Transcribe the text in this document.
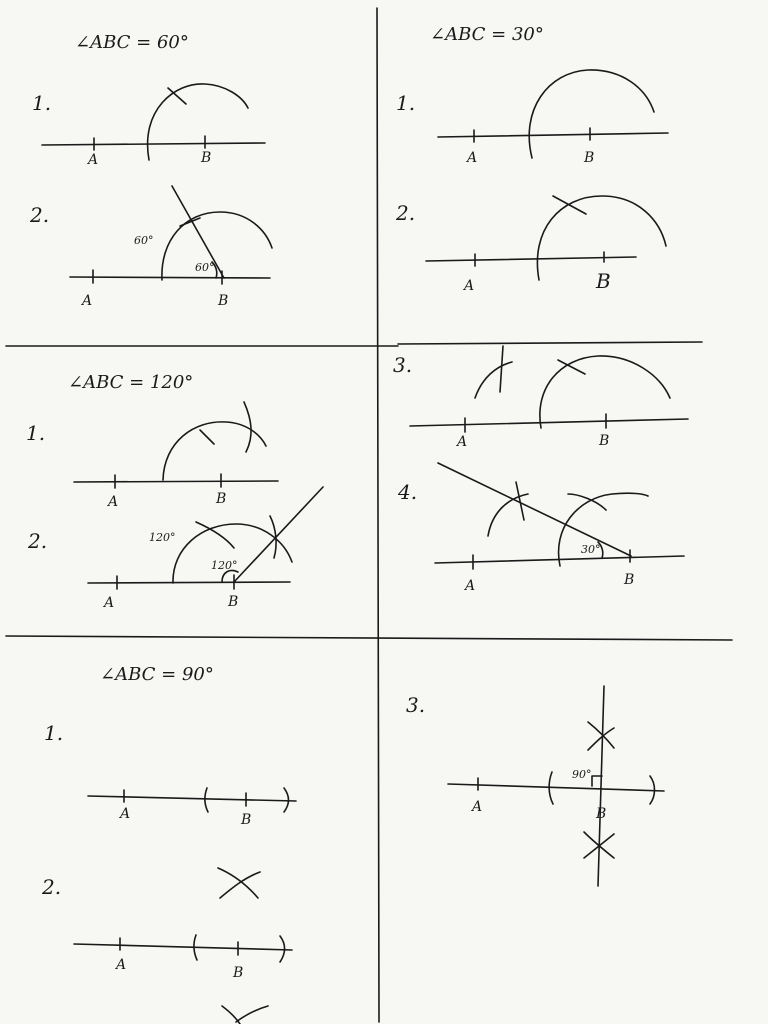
∠ABC = 60°
1.
A	B
2.
60°
60°
A	B
∠ABC = 30°
1.
A	B
2.
A	B
3.
A	B
4.
30°
A	B
∠ABC = 120°
1.
A	B
2.	120°
120°
A	B
∠ABC = 90°
1.
A	B
2.
A	B
3.
90°
A	B
